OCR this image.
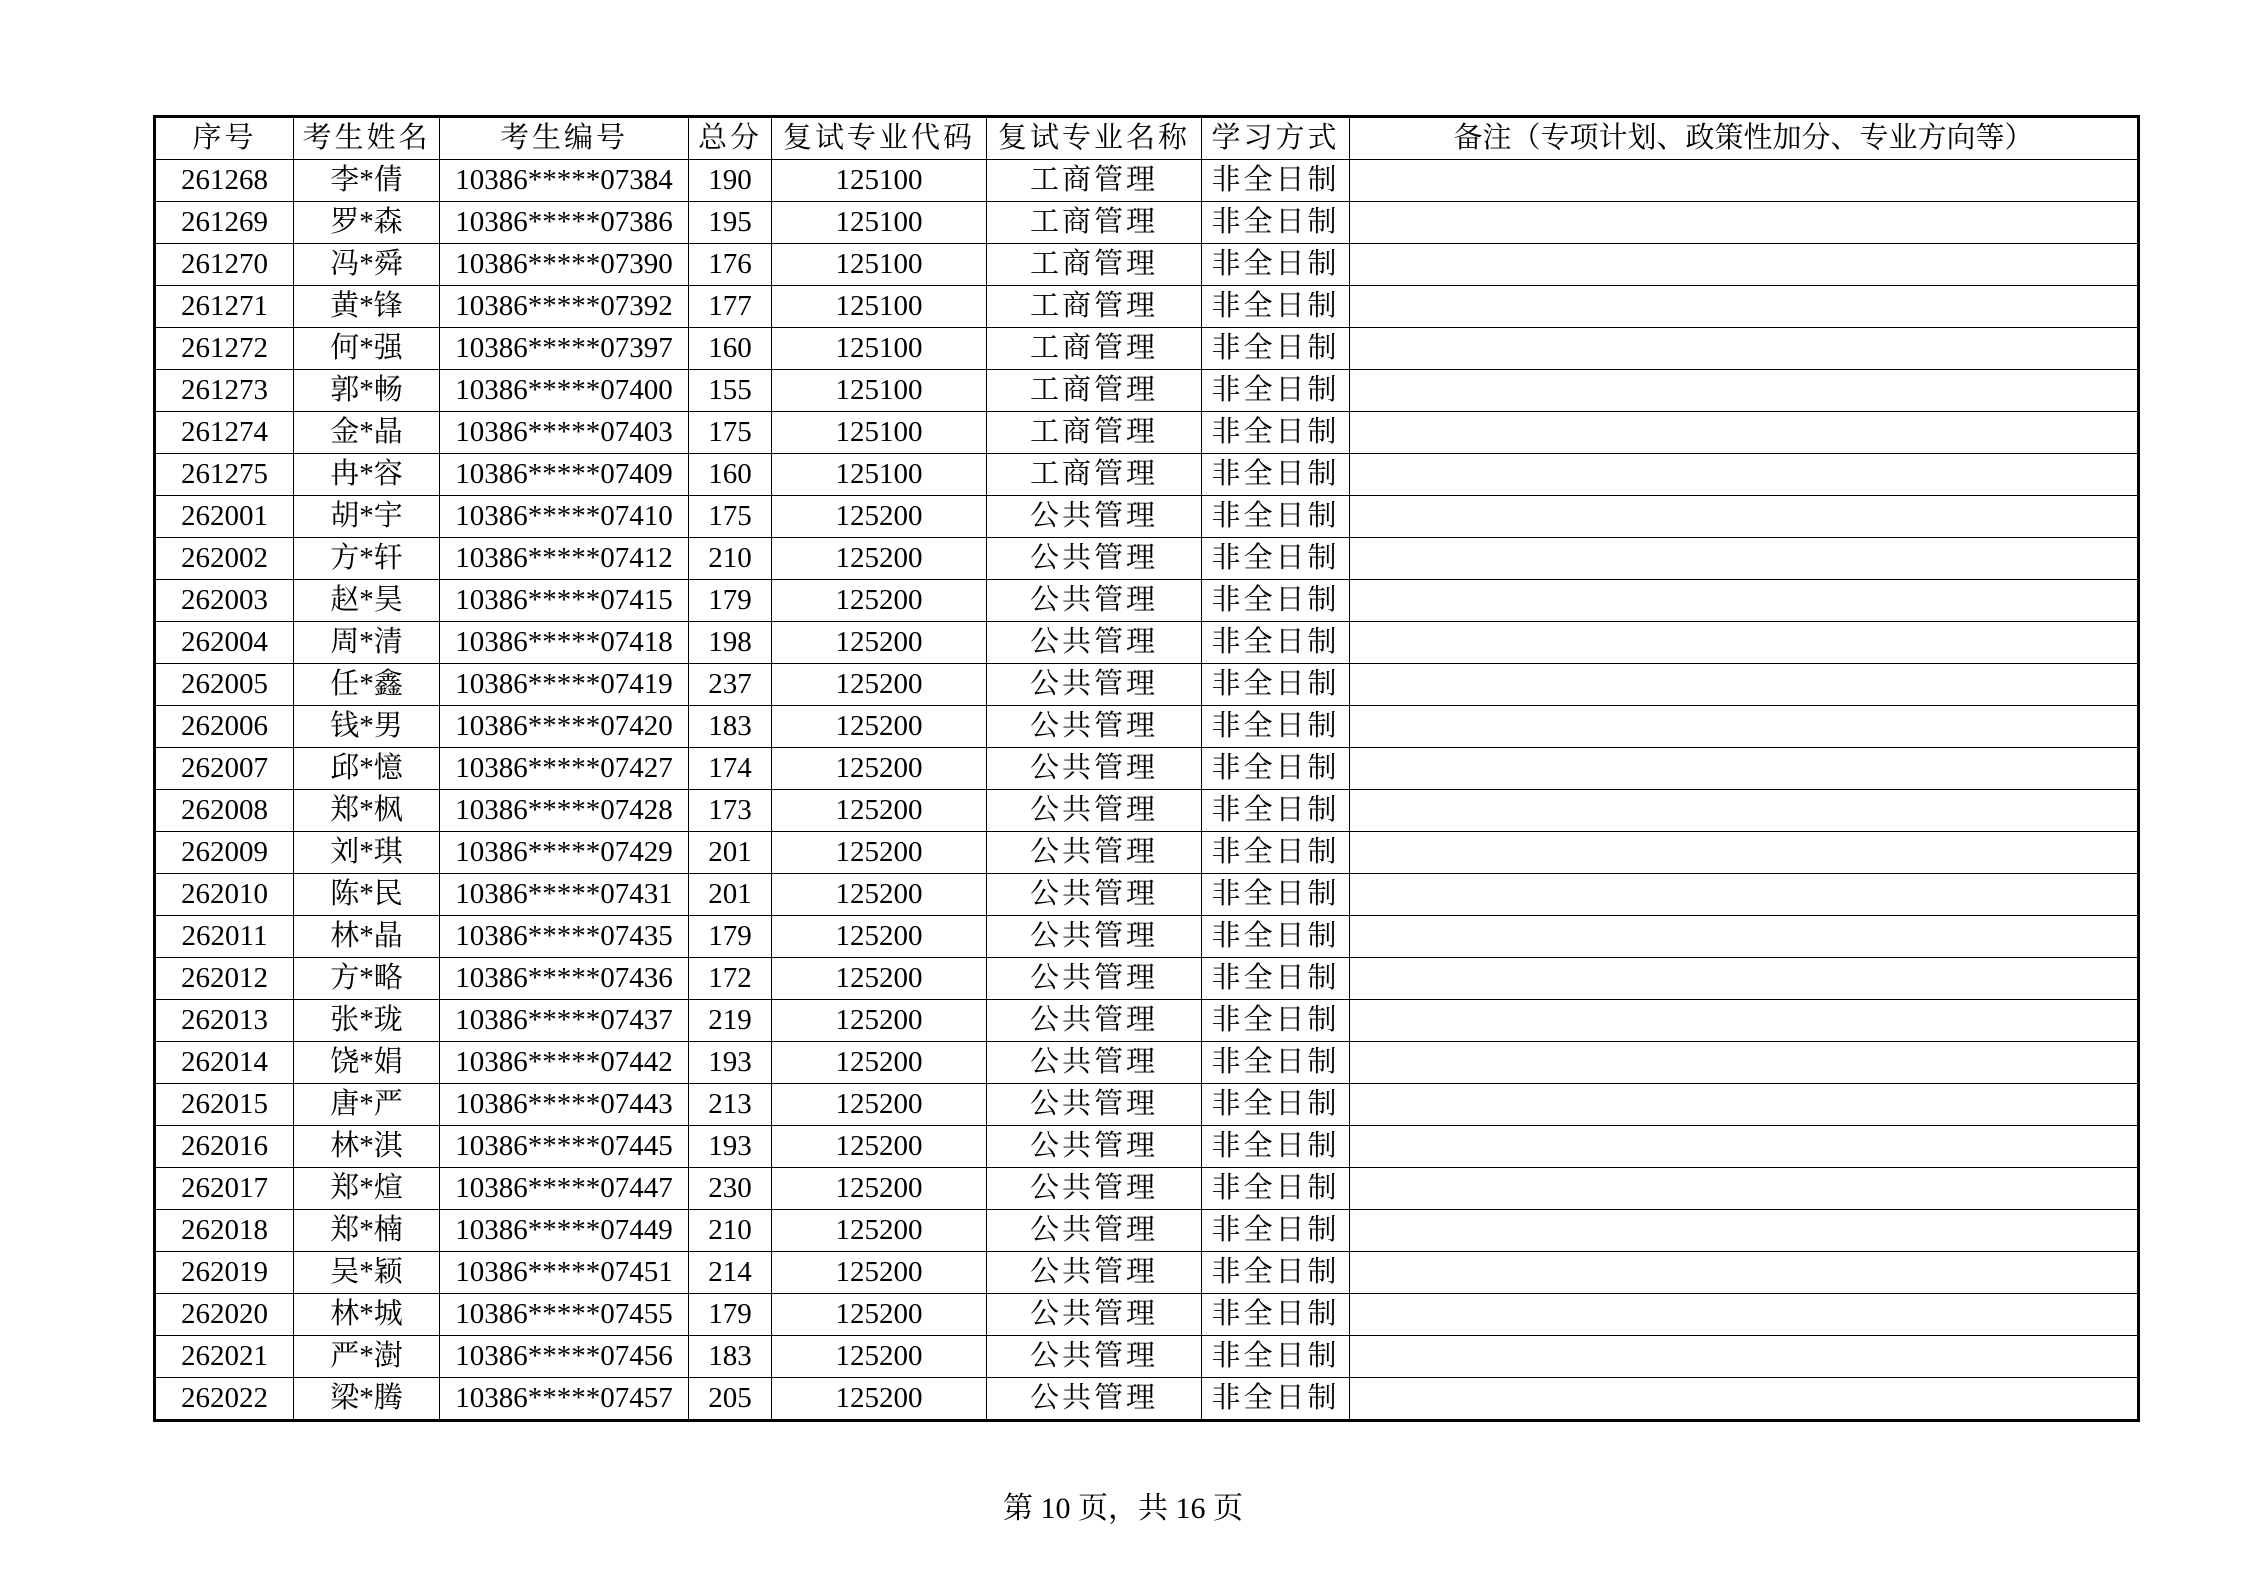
序号	考生姓名	考生编号	总分	复试专业代码	复试专业名称	学习方式	备注（专项计划、政策性加分、专业方向等）
261268	李*倩	10386*****07384	190	125100	工商管理	非全日制	
261269	罗*森	10386*****07386	195	125100	工商管理	非全日制	
261270	冯*舜	10386*****07390	176	125100	工商管理	非全日制	
261271	黄*锋	10386*****07392	177	125100	工商管理	非全日制	
261272	何*强	10386*****07397	160	125100	工商管理	非全日制	
261273	郭*畅	10386*****07400	155	125100	工商管理	非全日制	
261274	金*晶	10386*****07403	175	125100	工商管理	非全日制	
261275	冉*容	10386*****07409	160	125100	工商管理	非全日制	
262001	胡*宇	10386*****07410	175	125200	公共管理	非全日制	
262002	方*轩	10386*****07412	210	125200	公共管理	非全日制	
262003	赵*昊	10386*****07415	179	125200	公共管理	非全日制	
262004	周*清	10386*****07418	198	125200	公共管理	非全日制	
262005	任*鑫	10386*****07419	237	125200	公共管理	非全日制	
262006	钱*男	10386*****07420	183	125200	公共管理	非全日制	
262007	邱*憶	10386*****07427	174	125200	公共管理	非全日制	
262008	郑*枫	10386*****07428	173	125200	公共管理	非全日制	
262009	刘*琪	10386*****07429	201	125200	公共管理	非全日制	
262010	陈*民	10386*****07431	201	125200	公共管理	非全日制	
262011	林*晶	10386*****07435	179	125200	公共管理	非全日制	
262012	方*略	10386*****07436	172	125200	公共管理	非全日制	
262013	张*珑	10386*****07437	219	125200	公共管理	非全日制	
262014	饶*娟	10386*****07442	193	125200	公共管理	非全日制	
262015	唐*严	10386*****07443	213	125200	公共管理	非全日制	
262016	林*淇	10386*****07445	193	125200	公共管理	非全日制	
262017	郑*煊	10386*****07447	230	125200	公共管理	非全日制	
262018	郑*楠	10386*****07449	210	125200	公共管理	非全日制	
262019	吴*颖	10386*****07451	214	125200	公共管理	非全日制	
262020	林*城	10386*****07455	179	125200	公共管理	非全日制	
262021	严*澍	10386*****07456	183	125200	公共管理	非全日制	
262022	梁*腾	10386*****07457	205	125200	公共管理	非全日制	
第 10 页，共 16 页
